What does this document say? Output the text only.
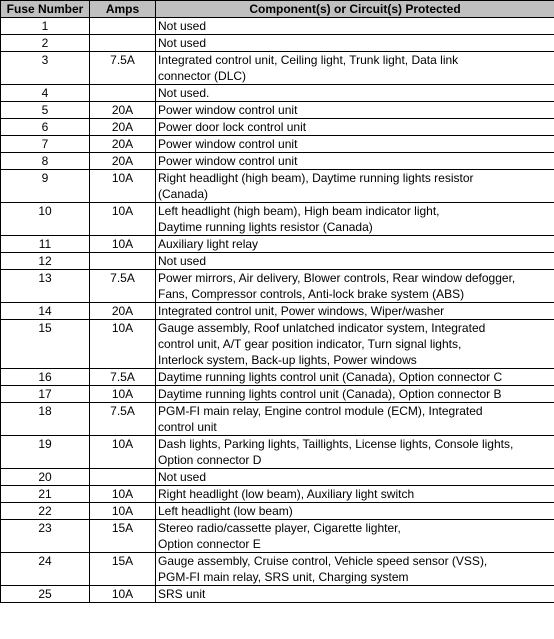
Fuse Number	Amps	Component(s) or Circuit(s) Protected
1		Not used
2		Not used
3	7.5A	Integrated control unit, Ceiling light, Trunk light, Data link
connector (DLC)
4		Not used.
5	20A	Power window control unit
6	20A	Power door lock control unit
7	20A	Power window control unit
8	20A	Power window control unit
9	10A	Right headlight (high beam), Daytime running lights resistor
(Canada)
10	10A	Left headlight (high beam), High beam indicator light,
Daytime running lights resistor (Canada)
11	10A	Auxiliary light relay
12		Not used
13	7.5A	Power mirrors, Air delivery, Blower controls, Rear window defogger,
Fans, Compressor controls, Anti-lock brake system (ABS)
14	20A	Integrated control unit, Power windows, Wiper/washer
15	10A	Gauge assembly, Roof unlatched indicator system, Integrated
control unit, A/T gear position indicator, Turn signal lights,
Interlock system, Back-up lights, Power windows
16	7.5A	Daytime running lights control unit (Canada), Option connector C
17	10A	Daytime running lights control unit (Canada), Option connector B
18	7.5A	PGM-FI main relay, Engine control module (ECM), Integrated
control unit
19	10A	Dash lights, Parking lights, Taillights, License lights, Console lights,
Option connector D
20		Not used
21	10A	Right headlight (low beam), Auxiliary light switch
22	10A	Left headlight (low beam)
23	15A	Stereo radio/cassette player, Cigarette lighter,
Option connector E
24	15A	Gauge assembly, Cruise control, Vehicle speed sensor (VSS),
PGM-FI main relay, SRS unit, Charging system
25	10A	SRS unit
